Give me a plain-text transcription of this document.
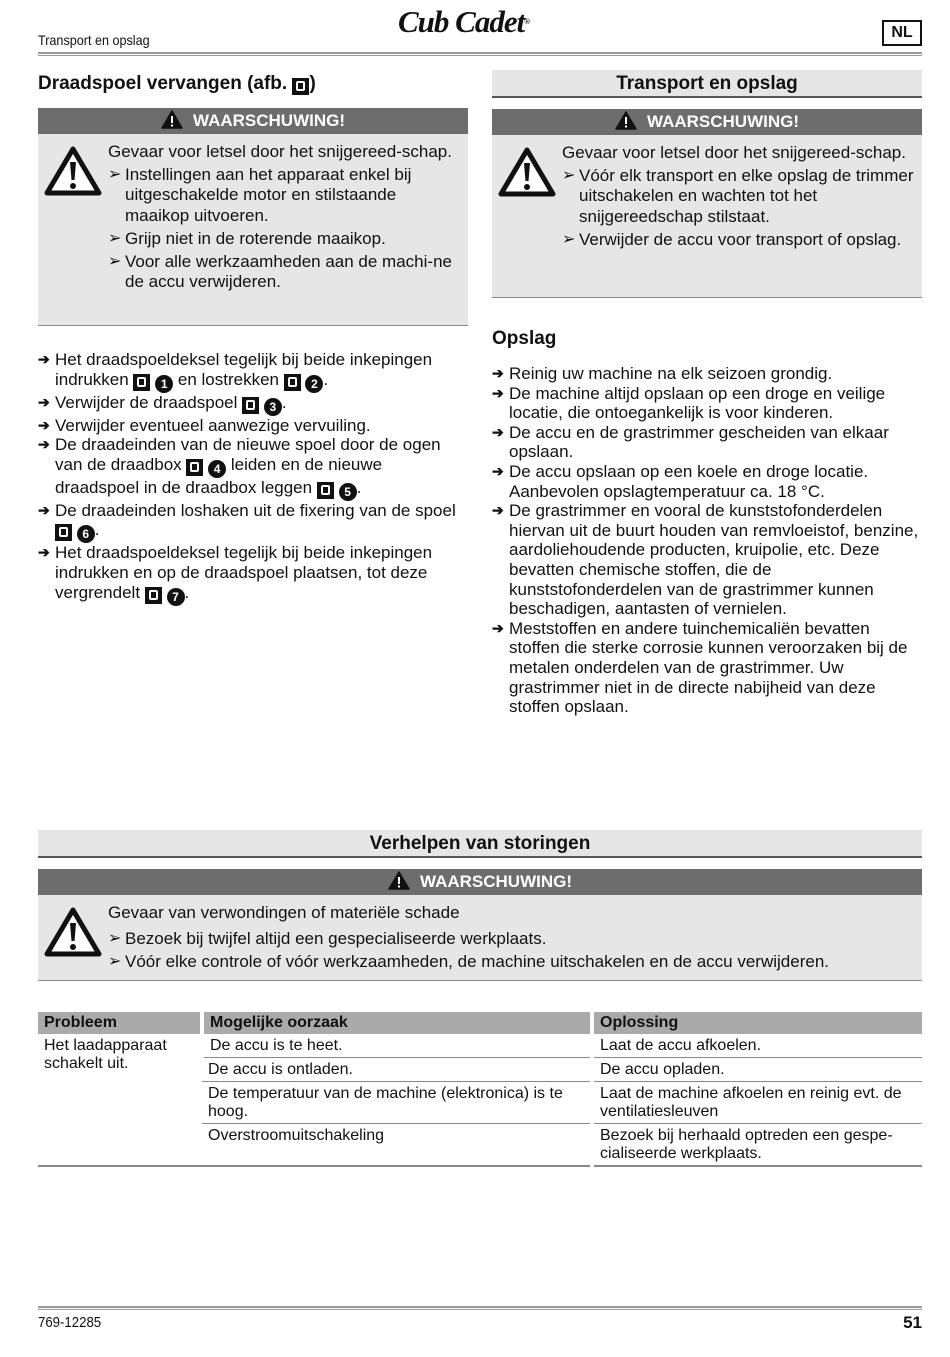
Transport en opslag
Cub Cadet®
NL
Draadspoel vervangen (afb. )
WAARSCHUWING!

Gevaar voor letsel door het snijgereed-schap.

➢ Instellingen aan het apparaat enkel bij uitgeschakelde motor en stilstaande maaikop uitvoeren.
➢ Grijp niet in de roterende maaikop.
➢ Voor alle werkzaamheden aan de machi-ne de accu verwijderen.
➔ Het draadspoeldeksel tegelijk bij beide inkepingen indrukken  1 en lostrekken  2 .
➔ Verwijder de draadspoel  3 .
➔ Verwijder eventueel aanwezige vervuiling.
➔ De draadeinden van de nieuwe spoel door de ogen van de draadbox  4 leiden en de nieuwe draadspoel in de draadbox leggen  5 .
➔ De draadeinden loshaken uit de fixering van de spoel  6 .
➔ Het draadspoeldeksel tegelijk bij beide inkepingen indrukken en op de draadspoel plaatsen, tot deze vergrendelt  7 .
Transport en opslag
WAARSCHUWING!

Gevaar voor letsel door het snijgereed-schap.

➢ Vóór elk transport en elke opslag de trimmer uitschakelen en wachten tot het snijgereedschap stilstaat.
➢ Verwijder de accu voor transport of opslag.
Opslag
➔ Reinig uw machine na elk seizoen grondig.
➔ De machine altijd opslaan op een droge en veilige locatie, die ontoegankelijk is voor kinderen.
➔ De accu en de grastrimmer gescheiden van elkaar opslaan.
➔ De accu opslaan op een koele en droge locatie. Aanbevolen opslagtemperatuur ca. 18 °C.
➔ De grastrimmer en vooral de kunststofonderdelen hiervan uit de buurt houden van remvloeistof, benzine, aardoliehoudende producten, kruipolie, etc. Deze bevatten chemische stoffen, die de kunststofonderdelen van de grastrimmer kunnen beschadigen, aantasten of vernielen.
➔ Meststoffen en andere tuinchemicaliën bevatten stoffen die sterke corrosie kunnen veroorzaken bij de metalen onderdelen van de grastrimmer. Uw grastrimmer niet in de directe nabijheid van deze stoffen opslaan.
Verhelpen van storingen
WAARSCHUWING!

Gevaar van verwondingen of materiële schade

➢ Bezoek bij twijfel altijd een gespecialiseerde werkplaats.
➢ Vóór elke controle of vóór werkzaamheden, de machine uitschakelen en de accu verwijderen.
Probleem	Mogelijke oorzaak	Oplossing
Het laadapparaat schakelt uit.	De accu is te heet.	Laat de accu afkoelen.
	De accu is ontladen.	De accu opladen.
	De temperatuur van de machine (elektronica) is te hoog.	Laat de machine afkoelen en reinig evt. de ventilatiesleuven
	Overstroomuitschakeling	Bezoek bij herhaald optreden een gespe-cialiseerde werkplaats.
769-12285	51
